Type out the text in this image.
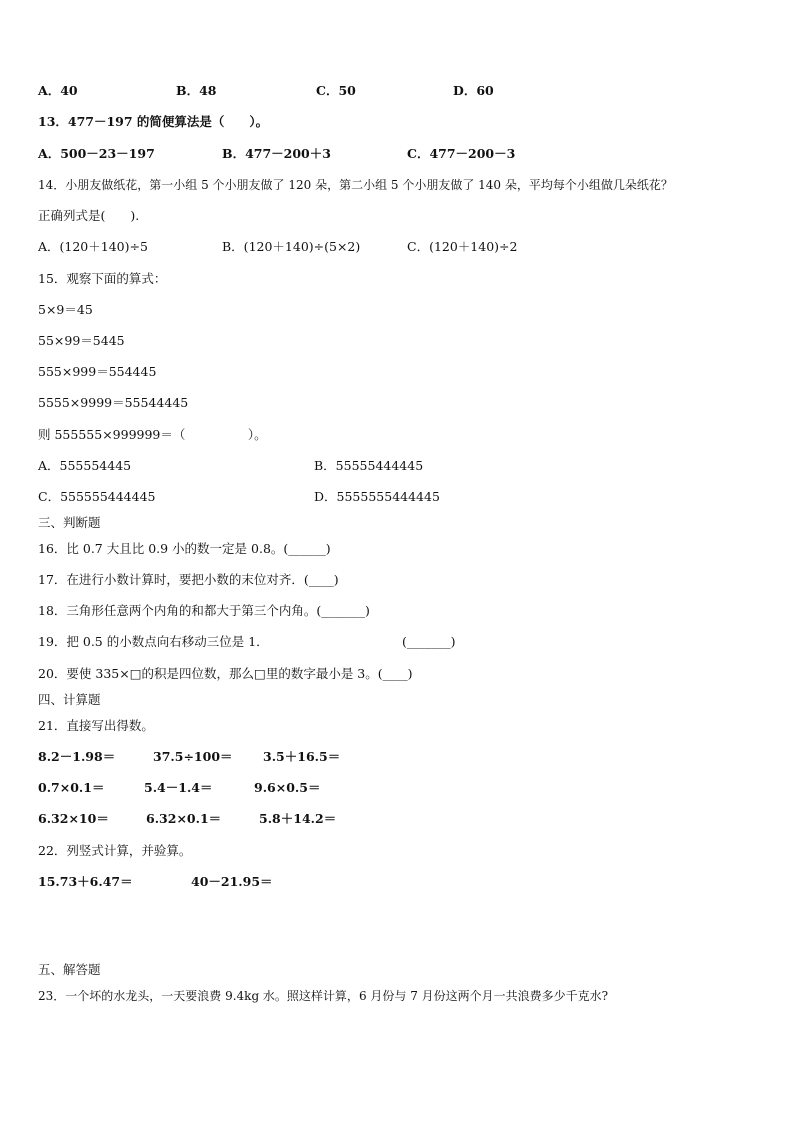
A．40	B．48	C．50	D．60
13．477－197 的简便算法是（　　）。
A．500－23－197	B．477－200＋3	C．477－200－3
14．小朋友做纸花，第一小组 5 个小朋友做了 120 朵，第二小组 5 个小朋友做了 140 朵，平均每个小组做几朵纸花？
正确列式是(　　).
A．(120＋140)÷5	B．(120＋140)÷(5×2)	C．(120＋140)÷2
15．观察下面的算式：
5×9＝45
55×99＝5445
555×999＝554445
5555×9999＝55544445
则 555555×999999＝（　　　　　）。
A．555554445	B．55555444445
C．555555444445	D．5555555444445
三、判断题
16．比 0.7 大且比 0.9 小的数一定是 0.8。(______)
17．在进行小数计算时，要把小数的末位对齐．(____)
18．三角形任意两个内角的和都大于第三个内角。(_______)
19．把 0.5 的小数点向右移动三位是 1．	(_______)
20．要使 335×□的积是四位数，那么□里的数字最小是 3。(____)
四、计算题
21．直接写出得数。
8.2－1.98＝	37.5÷100＝ 3.5＋16.5＝
0.7×0.1＝	5.4－1.4＝	9.6×0.5＝
6.32×10＝	6.32×0.1＝	5.8＋14.2＝
22．列竖式计算，并验算。
15.73＋6.47＝	40－21.95＝
五、解答题
23．一个坏的水龙头，一天要浪费 9.4kg 水。照这样计算，6 月份与 7 月份这两个月一共浪费多少千克水?
